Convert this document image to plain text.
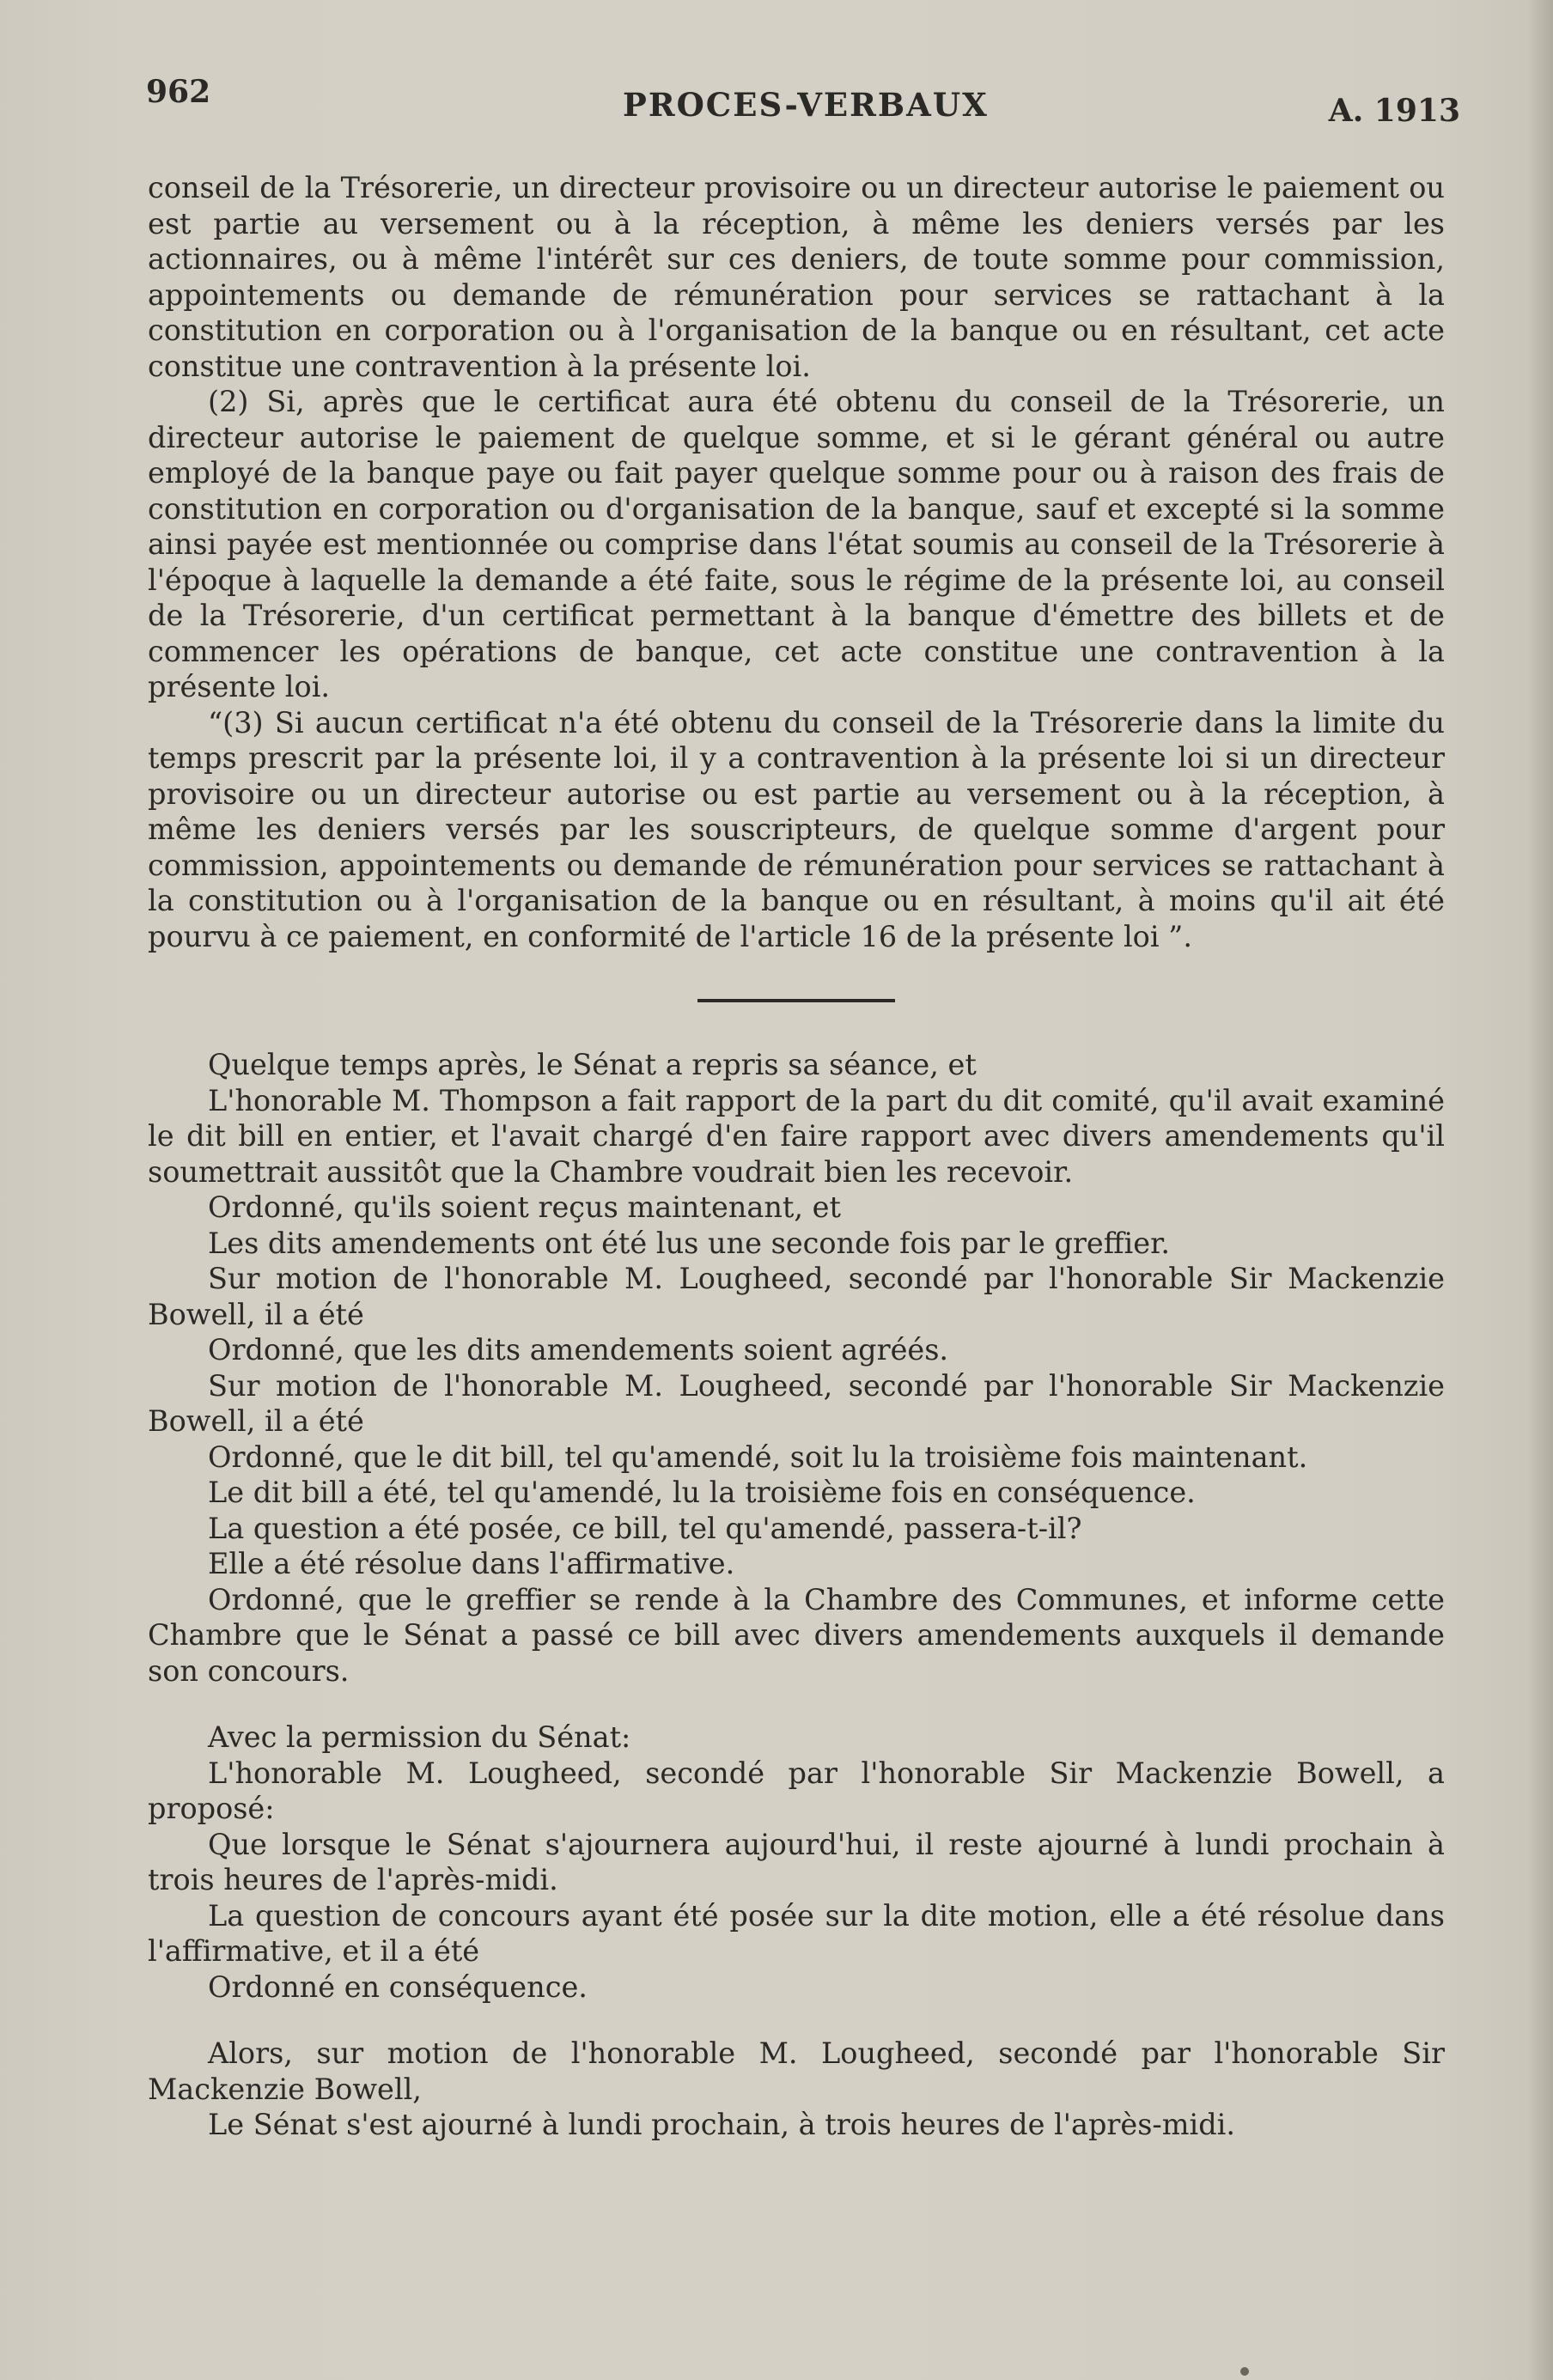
962	PROCES-VERBAUX	A. 1913

conseil de la Trésorerie, un directeur provisoire ou un directeur autorise le paiement ou est partie au versement ou à la réception, à même les deniers versés par les actionnaires, ou à même l'intérêt sur ces deniers, de toute somme pour commission, appointements ou demande de rémunération pour services se rattachant à la constitution en corporation ou à l'organisation de la banque ou en résultant, cet acte constitue une contravention à la présente loi.

(2) Si, après que le certificat aura été obtenu du conseil de la Trésorerie, un directeur autorise le paiement de quelque somme, et si le gérant général ou autre employé de la banque paye ou fait payer quelque somme pour ou à raison des frais de constitution en corporation ou d'organisation de la banque, sauf et excepté si la somme ainsi payée est mentionnée ou comprise dans l'état soumis au conseil de la Trésorerie à l'époque à laquelle la demande a été faite, sous le régime de la présente loi, au conseil de la Trésorerie, d'un certificat permettant à la banque d'émettre des billets et de commencer les opérations de banque, cet acte constitue une contravention à la présente loi.

“(3) Si aucun certificat n'a été obtenu du conseil de la Trésorerie dans la limite du temps prescrit par la présente loi, il y a contravention à la présente loi si un directeur provisoire ou un directeur autorise ou est partie au versement ou à la réception, à même les deniers versés par les souscripteurs, de quelque somme d'argent pour commission, appointements ou demande de rémunération pour services se rattachant à la constitution ou à l'organisation de la banque ou en résultant, à moins qu'il ait été pourvu à ce paiement, en conformité de l'article 16 de la présente loi ”.

Quelque temps après, le Sénat a repris sa séance, et

L'honorable M. Thompson a fait rapport de la part du dit comité, qu'il avait examiné le dit bill en entier, et l'avait chargé d'en faire rapport avec divers amendements qu'il soumettrait aussitôt que la Chambre voudrait bien les recevoir.

Ordonné, qu'ils soient reçus maintenant, et

Les dits amendements ont été lus une seconde fois par le greffier.

Sur motion de l'honorable M. Lougheed, secondé par l'honorable Sir Mackenzie Bowell, il a été

Ordonné, que les dits amendements soient agréés.

Sur motion de l'honorable M. Lougheed, secondé par l'honorable Sir Mackenzie Bowell, il a été

Ordonné, que le dit bill, tel qu'amendé, soit lu la troisième fois maintenant.

Le dit bill a été, tel qu'amendé, lu la troisième fois en conséquence.

La question a été posée, ce bill, tel qu'amendé, passera-t-il?

Elle a été résolue dans l'affirmative.

Ordonné, que le greffier se rende à la Chambre des Communes, et informe cette Chambre que le Sénat a passé ce bill avec divers amendements auxquels il demande son concours.

Avec la permission du Sénat:

L'honorable M. Lougheed, secondé par l'honorable Sir Mackenzie Bowell, a proposé:

Que lorsque le Sénat s'ajournera aujourd'hui, il reste ajourné à lundi prochain à trois heures de l'après-midi.

La question de concours ayant été posée sur la dite motion, elle a été résolue dans l'affirmative, et il a été

Ordonné en conséquence.

Alors, sur motion de l'honorable M. Lougheed, secondé par l'honorable Sir Mackenzie Bowell,

Le Sénat s'est ajourné à lundi prochain, à trois heures de l'après-midi.
